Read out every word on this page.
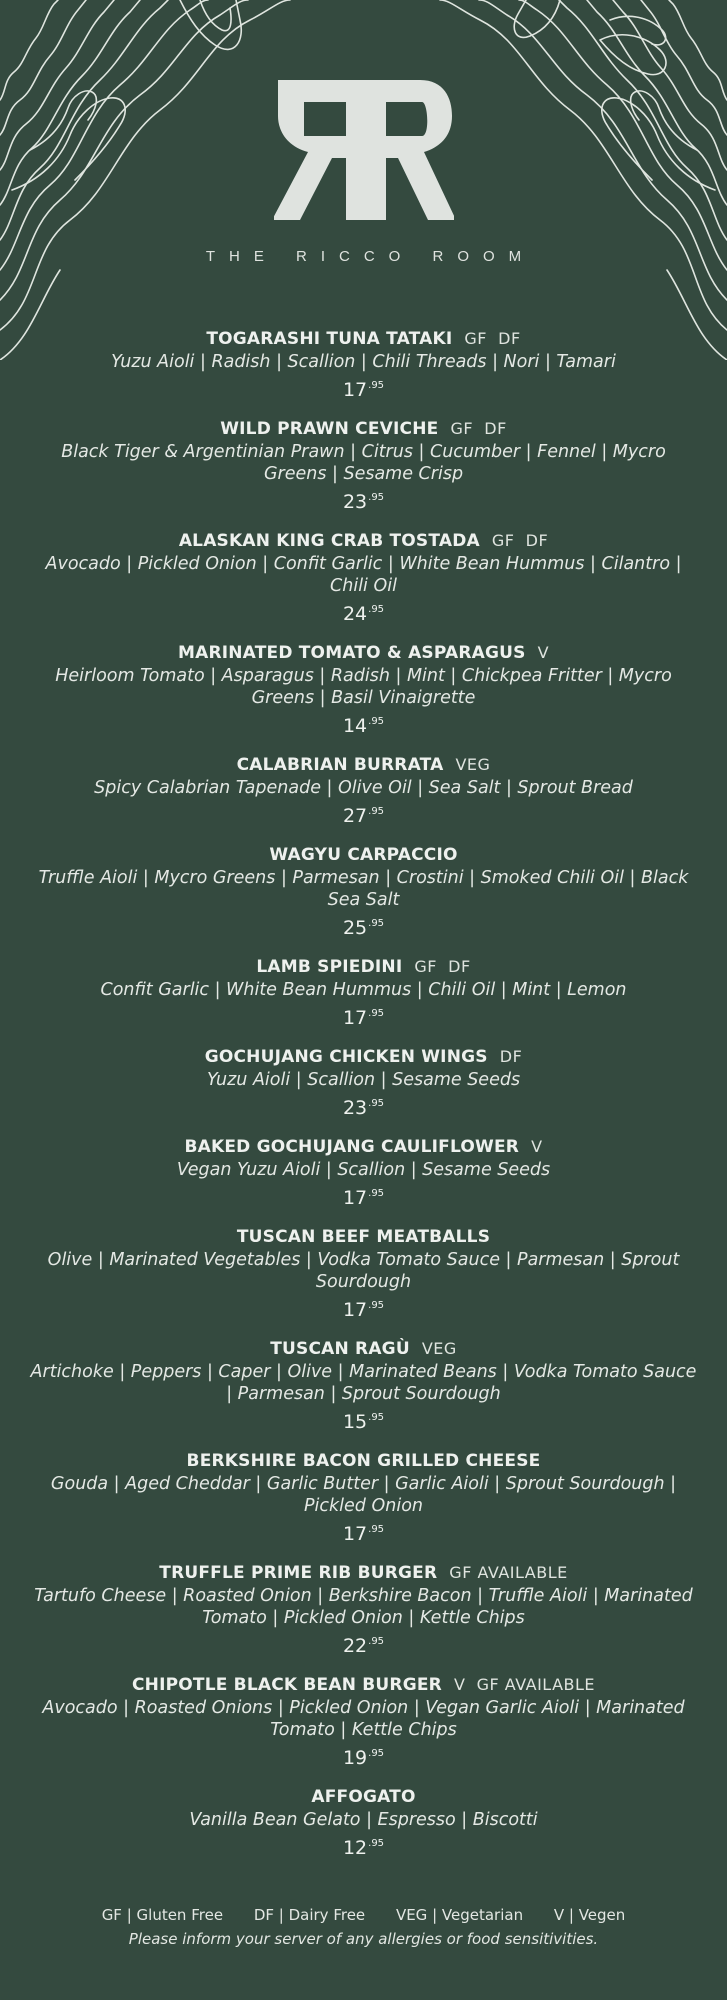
THE RICCO ROOM
TOGARASHI TUNA TATAKI GF  DF
Yuzu Aioli | Radish | Scallion | Chili Threads | Nori | Tamari
$17^{.95}$
WILD PRAWN CEVICHE GF  DF
Black Tiger & Argentinian Prawn | Citrus | Cucumber | Fennel | Mycro Greens | Sesame Crisp
$23^{.95}$
ALASKAN KING CRAB TOSTADA GF  DF
Avocado | Pickled Onion | Confit Garlic | White Bean Hummus | Cilantro | Chili Oil
$24^{.95}$
MARINATED TOMATO & ASPARAGUS V
Heirloom Tomato | Asparagus | Radish | Mint | Chickpea Fritter | Mycro Greens | Basil Vinaigrette
$14^{.95}$
CALABRIAN BURRATA VEG
Spicy Calabrian Tapenade | Olive Oil | Sea Salt | Sprout Bread
$27^{.95}$
WAGYU CARPACCIO
Truffle Aioli | Mycro Greens | Parmesan | Crostini | Smoked Chili Oil | Black Sea Salt
$25^{.95}$
LAMB SPIEDINI GF  DF
Confit Garlic | White Bean Hummus | Chili Oil | Mint | Lemon
$17^{.95}$
GOCHUJANG CHICKEN WINGS DF
Yuzu Aioli | Scallion | Sesame Seeds
$23^{.95}$
BAKED GOCHUJANG CAULIFLOWER V
Vegan Yuzu Aioli | Scallion | Sesame Seeds
$17^{.95}$
TUSCAN BEEF MEATBALLS
Olive | Marinated Vegetables | Vodka Tomato Sauce | Parmesan | Sprout Sourdough
$17^{.95}$
TUSCAN RAGÙ VEG
Artichoke | Peppers | Caper | Olive | Marinated Beans | Vodka Tomato Sauce | Parmesan | Sprout Sourdough
$15^{.95}$
BERKSHIRE BACON GRILLED CHEESE
Gouda | Aged Cheddar | Garlic Butter | Garlic Aioli | Sprout Sourdough | Pickled Onion
$17^{.95}$
TRUFFLE PRIME RIB BURGER GF AVAILABLE
Tartufo Cheese | Roasted Onion | Berkshire Bacon | Truffle Aioli | Marinated Tomato | Pickled Onion | Kettle Chips
$22^{.95}$
CHIPOTLE BLACK BEAN BURGER V  GF AVAILABLE
Avocado | Roasted Onions | Pickled Onion | Vegan Garlic Aioli | Marinated Tomato | Kettle Chips
$19^{.95}$
AFFOGATO
Vanilla Bean Gelato | Espresso | Biscotti
$12^{.95}$
GF | Gluten Free DF | Dairy Free VEG | Vegetarian V | Vegen
Please inform your server of any allergies or food sensitivities.
